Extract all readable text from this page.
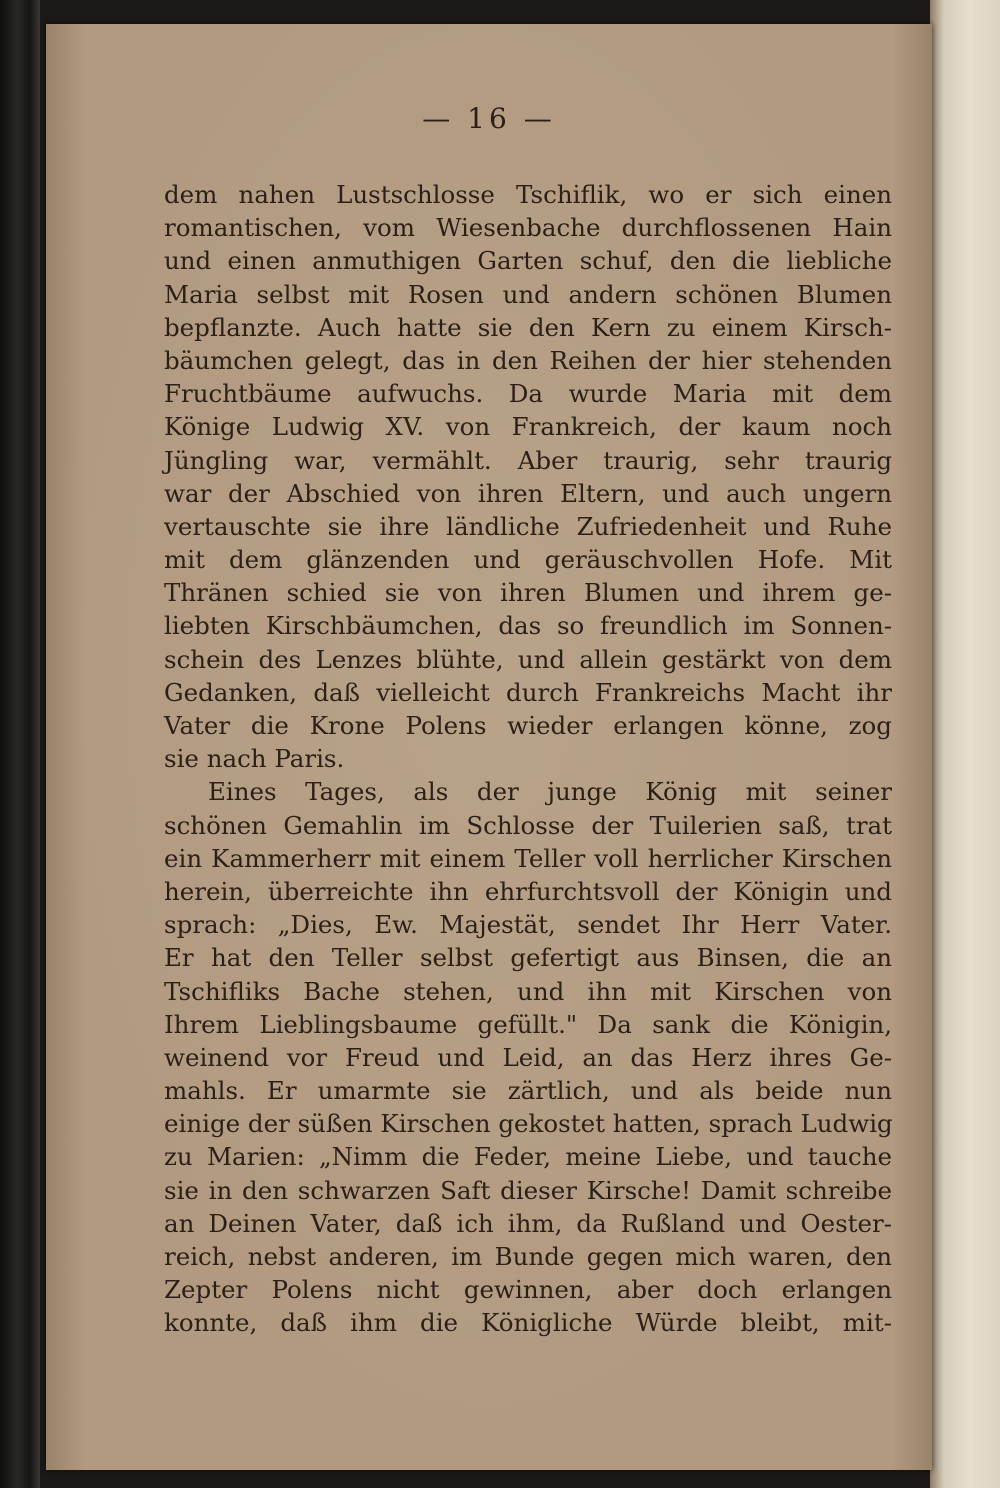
— 16 —
dem nahen Lustschlosse Tschiflik, wo er sich einen
romantischen, vom Wiesenbache durchflossenen Hain
und einen anmuthigen Garten schuf, den die liebliche
Maria selbst mit Rosen und andern schönen Blumen
bepflanzte. Auch hatte sie den Kern zu einem Kirsch-
bäumchen gelegt, das in den Reihen der hier stehenden
Fruchtbäume aufwuchs. Da wurde Maria mit dem
Könige Ludwig XV. von Frankreich, der kaum noch
Jüngling war, vermählt. Aber traurig, sehr traurig
war der Abschied von ihren Eltern, und auch ungern
vertauschte sie ihre ländliche Zufriedenheit und Ruhe
mit dem glänzenden und geräuschvollen Hofe. Mit
Thränen schied sie von ihren Blumen und ihrem ge-
liebten Kirschbäumchen, das so freundlich im Sonnen-
schein des Lenzes blühte, und allein gestärkt von dem
Gedanken, daß vielleicht durch Frankreichs Macht ihr
Vater die Krone Polens wieder erlangen könne, zog
sie nach Paris.
Eines Tages, als der junge König mit seiner
schönen Gemahlin im Schlosse der Tuilerien saß, trat
ein Kammerherr mit einem Teller voll herrlicher Kirschen
herein, überreichte ihn ehrfurchtsvoll der Königin und
sprach: „Dies, Ew. Majestät, sendet Ihr Herr Vater.
Er hat den Teller selbst gefertigt aus Binsen, die an
Tschifliks Bache stehen, und ihn mit Kirschen von
Ihrem Lieblingsbaume gefüllt." Da sank die Königin,
weinend vor Freud und Leid, an das Herz ihres Ge-
mahls. Er umarmte sie zärtlich, und als beide nun
einige der süßen Kirschen gekostet hatten, sprach Ludwig
zu Marien: „Nimm die Feder, meine Liebe, und tauche
sie in den schwarzen Saft dieser Kirsche! Damit schreibe
an Deinen Vater, daß ich ihm, da Rußland und Oester-
reich, nebst anderen, im Bunde gegen mich waren, den
Zepter Polens nicht gewinnen, aber doch erlangen
konnte, daß ihm die Königliche Würde bleibt, mit-
